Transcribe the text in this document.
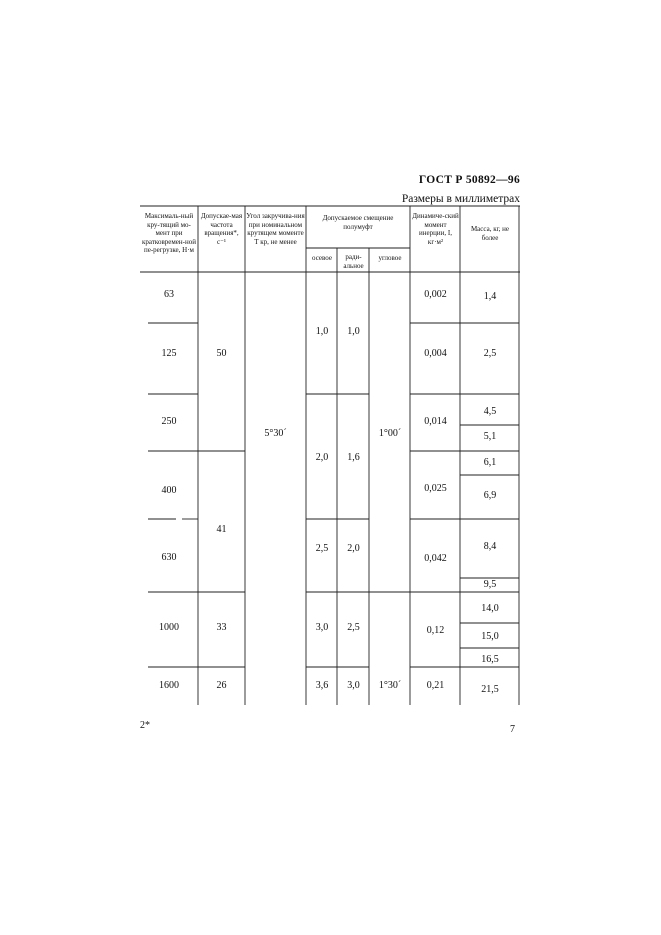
ГОСТ Р 50892—96
Размеры в миллиметрах
Максималь-ный кру-тящий мо-мент при кратковремен-ной пе-регрузке, Н·м
Допускае-мая частота вращения*, с⁻¹
Угол закручива-ния при номинальном крутящем моменте T кр, не менее
Допускаемое смещение полумуфт
осевое	ради-альное
угловое
Динамиче-ский момент инерции, I, кг·м²
Масса, кг, не более
63
125
250
400
630
1000
1600
50
41
33
26
5°30´
1,0
2,0
2,5
3,0
3,6
1,0
1,6
2,0
2,5
3,0
1°00´
1°30´
0,002
0,004
0,014
0,025
0,042
0,12
0,21
1,4
2,5
4,5
5,1
6,1
6,9
8,4
9,5
14,0
15,0
16,5
21,5
2*	7
